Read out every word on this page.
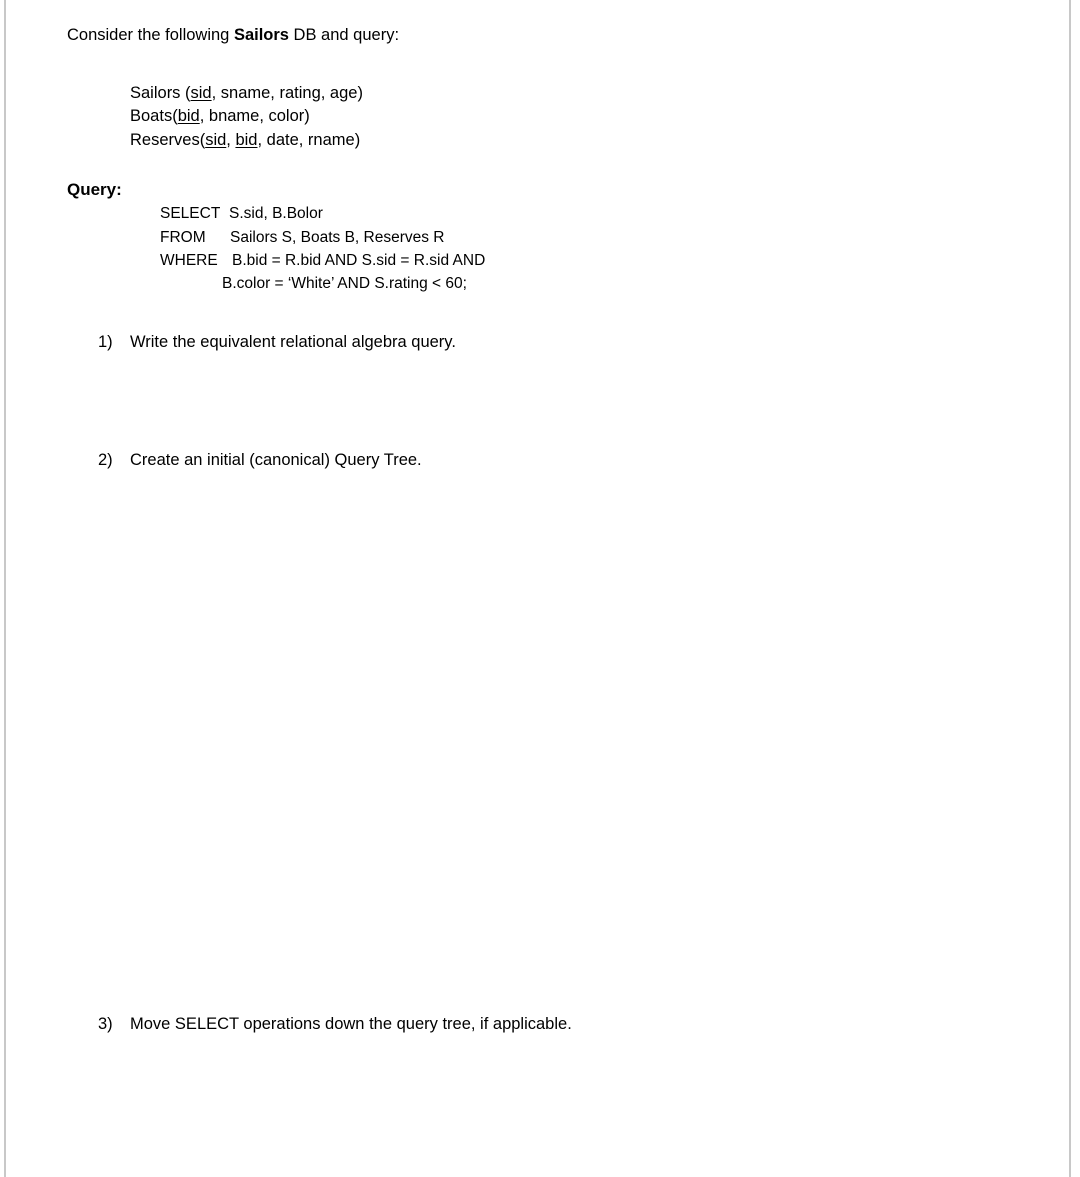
Consider the following Sailors DB and query:
Sailors (sid, sname, rating, age)
Boats(bid, bname, color)
Reserves(sid, bid, date, rname)
Query:
SELECT S.sid, B.Bolor
FROM Sailors S, Boats B, Reserves R
WHERE B.bid = R.bid AND S.sid = R.sid AND
B.color = ‘White’ AND S.rating < 60;
1) Write the equivalent relational algebra query.
2) Create an initial (canonical) Query Tree.
3) Move SELECT operations down the query tree, if applicable.
